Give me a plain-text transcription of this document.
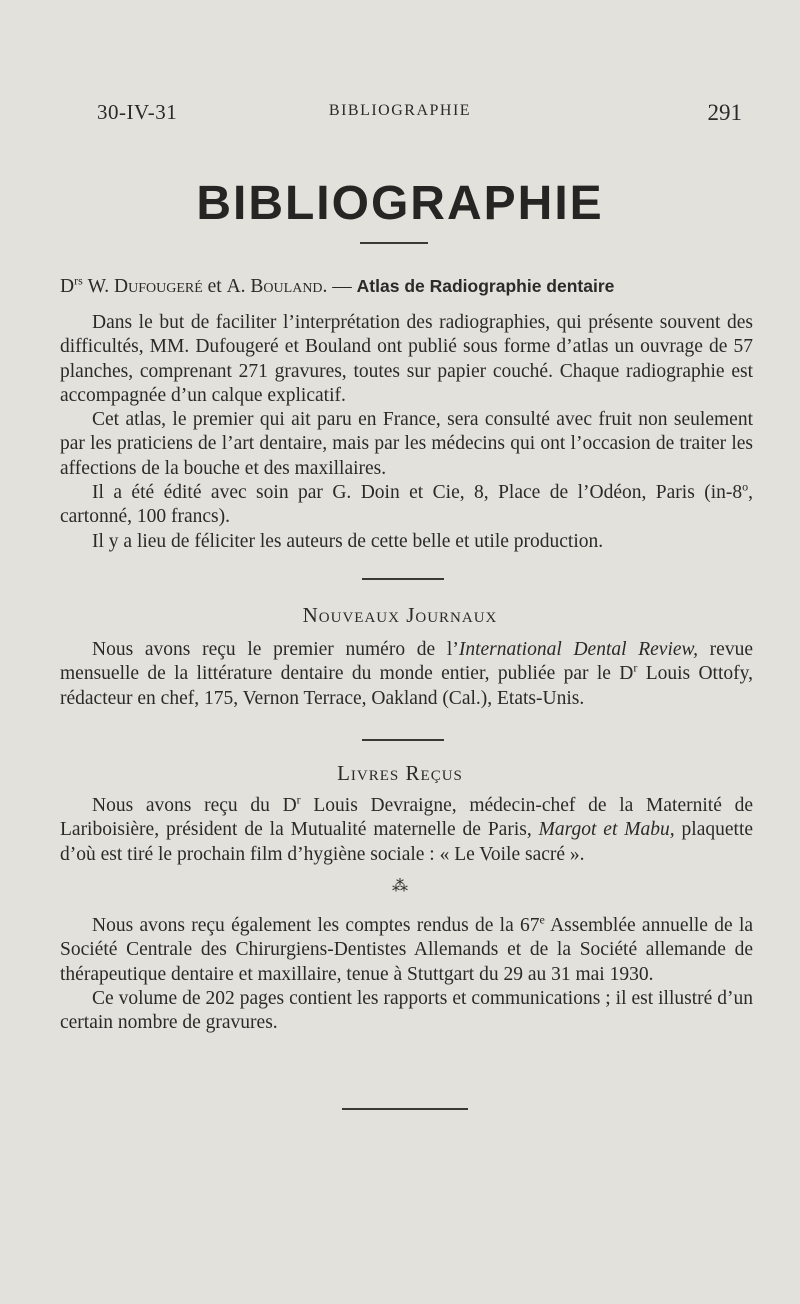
30-IV-31	BIBLIOGRAPHIE	291
BIBLIOGRAPHIE
$D^{rs}$ W. Dufougeré et A. Bouland. — Atlas de Radiographie dentaire

Dans le but de faciliter l’interprétation des radiographies, qui présente souvent des difficultés, MM. Dufougeré et Bouland ont publié sous forme d’atlas un ouvrage de 57 planches, comprenant 271 gravures, toutes sur papier couché. Chaque radiographie est accompagnée d’un calque explicatif.

Cet atlas, le premier qui ait paru en France, sera consulté avec fruit non seulement par les praticiens de l’art dentaire, mais par les médecins qui ont l’occasion de traiter les affections de la bouche et des maxillaires.

Il a été édité avec soin par G. Doin et Cie, 8, Place de l’Odéon, Paris (in-8$^o$, cartonné, 100 francs).

Il y a lieu de féliciter les auteurs de cette belle et utile production.

Nouveaux Journaux

Nous avons reçu le premier numéro de l’International Dental Review, revue mensuelle de la littérature dentaire du monde entier, publiée par le $D^r$ Louis Ottofy, rédacteur en chef, 175, Vernon Terrace, Oakland (Cal.), Etats-Unis.

Livres Reçus

Nous avons reçu du $D^r$ Louis Devraigne, médecin-chef de la Maternité de Lariboisière, président de la Mutualité maternelle de Paris, Margot et Mabu, plaquette d’où est tiré le prochain film d’hygiène sociale : « Le Voile sacré ».

⁂

Nous avons reçu également les comptes rendus de la 67e Assemblée annuelle de la Société Centrale des Chirurgiens-Dentistes Allemands et de la Société allemande de thérapeutique dentaire et maxillaire, tenue à Stuttgart du 29 au 31 mai 1930.

Ce volume de 202 pages contient les rapports et communications ; il est illustré d’un certain nombre de gravures.
